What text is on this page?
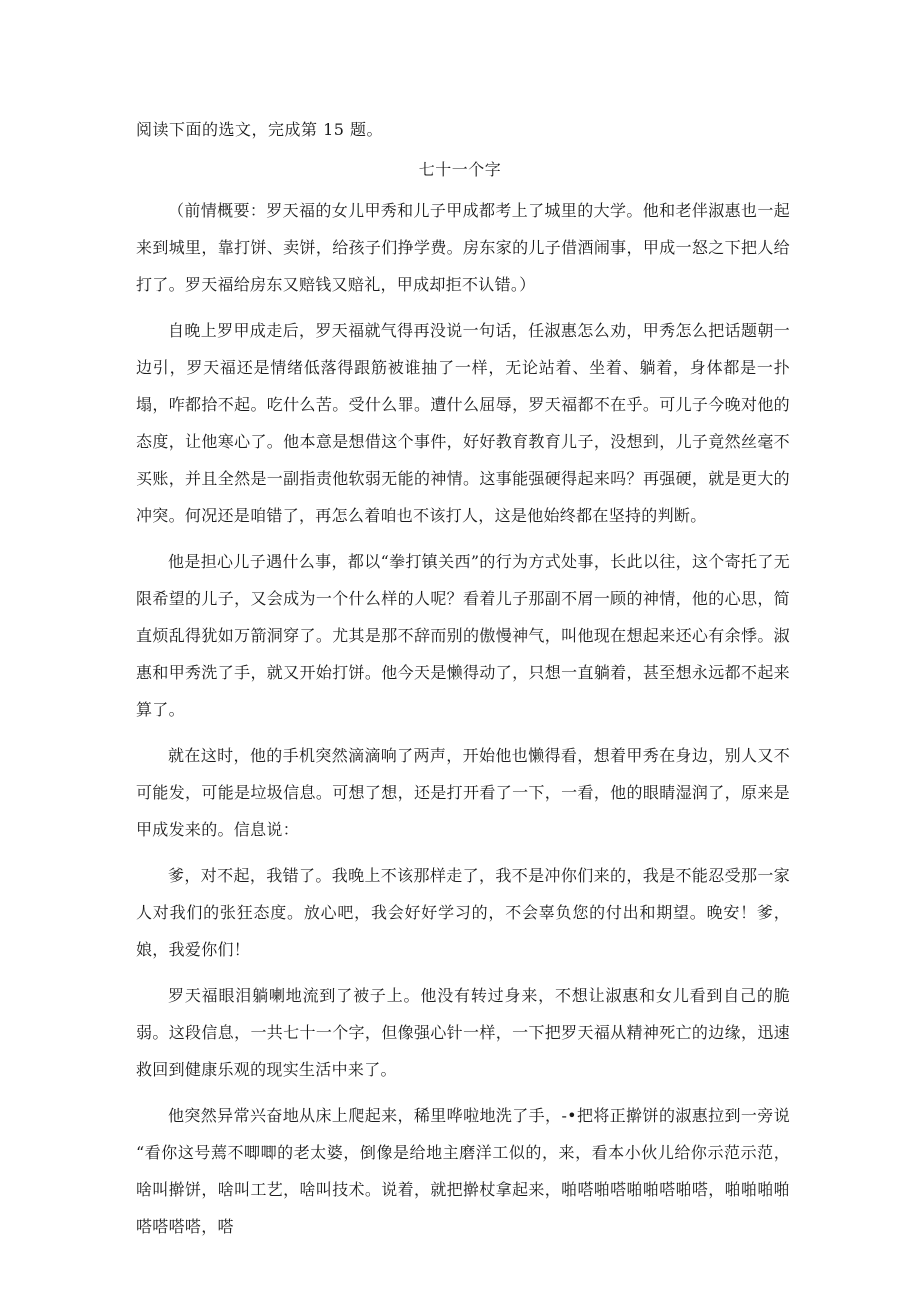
阅读下面的选文，完成第 15 题。
七十一个字

（前情概要：罗天福的女儿甲秀和儿子甲成都考上了城里的大学。他和老伴淑惠也一起来到城里，靠打饼、卖饼，给孩子们挣学费。房东家的儿子借酒闹事，甲成一怒之下把人给打了。罗天福给房东又赔钱又赔礼，甲成却拒不认错。）

自晚上罗甲成走后，罗天福就气得再没说一句话，任淑惠怎么劝，甲秀怎么把话题朝一边引，罗天福还是情绪低落得跟筋被谁抽了一样，无论站着、坐着、躺着，身体都是一扑塌，咋都拾不起。吃什么苦。受什么罪。遭什么屈辱，罗天福都不在乎。可儿子今晚对他的态度，让他寒心了。他本意是想借这个事件，好好教育教育儿子，没想到，儿子竟然丝毫不买账，并且全然是一副指责他软弱无能的神情。这事能强硬得起来吗？再强硬，就是更大的冲突。何况还是咱错了，再怎么着咱也不该打人，这是他始终都在坚持的判断。

他是担心儿子遇什么事，都以“拳打镇关西”的行为方式处事，长此以往，这个寄托了无限希望的儿子，又会成为一个什么样的人呢？看着儿子那副不屑一顾的神情，他的心思，简直烦乱得犹如万箭洞穿了。尤其是那不辞而别的傲慢神气，叫他现在想起来还心有余悸。淑惠和甲秀洗了手，就又开始打饼。他今天是懒得动了，只想一直躺着，甚至想永远都不起来算了。

就在这时，他的手机突然滴滴响了两声，开始他也懒得看，想着甲秀在身边，别人又不可能发，可能是垃圾信息。可想了想，还是打开看了一下，一看，他的眼睛湿润了，原来是甲成发来的。信息说：

爹，对不起，我错了。我晚上不该那样走了，我不是冲你们来的，我是不能忍受那一家人对我们的张狂态度。放心吧，我会好好学习的，不会辜负您的付出和期望。晚安！爹，娘，我爱你们！

罗天福眼泪躺喇地流到了被子上。他没有转过身来，不想让淑惠和女儿看到自己的脆弱。这段信息，一共七十一个字，但像强心针一样，一下把罗天福从精神死亡的边缘，迅速救回到健康乐观的现实生活中来了。

他突然异常兴奋地从床上爬起来，稀里哗啦地洗了手，-•把将正擀饼的淑惠拉到一旁说 “看你这号蔫不唧唧的老太婆，倒像是给地主磨洋工似的，来，看本小伙儿给你示范示范，啥叫擀饼，啥叫工艺，啥叫技术。说着，就把擀杖拿起来，啪嗒啪嗒啪啪嗒啪嗒，啪啪啪啪嗒嗒嗒嗒，嗒
